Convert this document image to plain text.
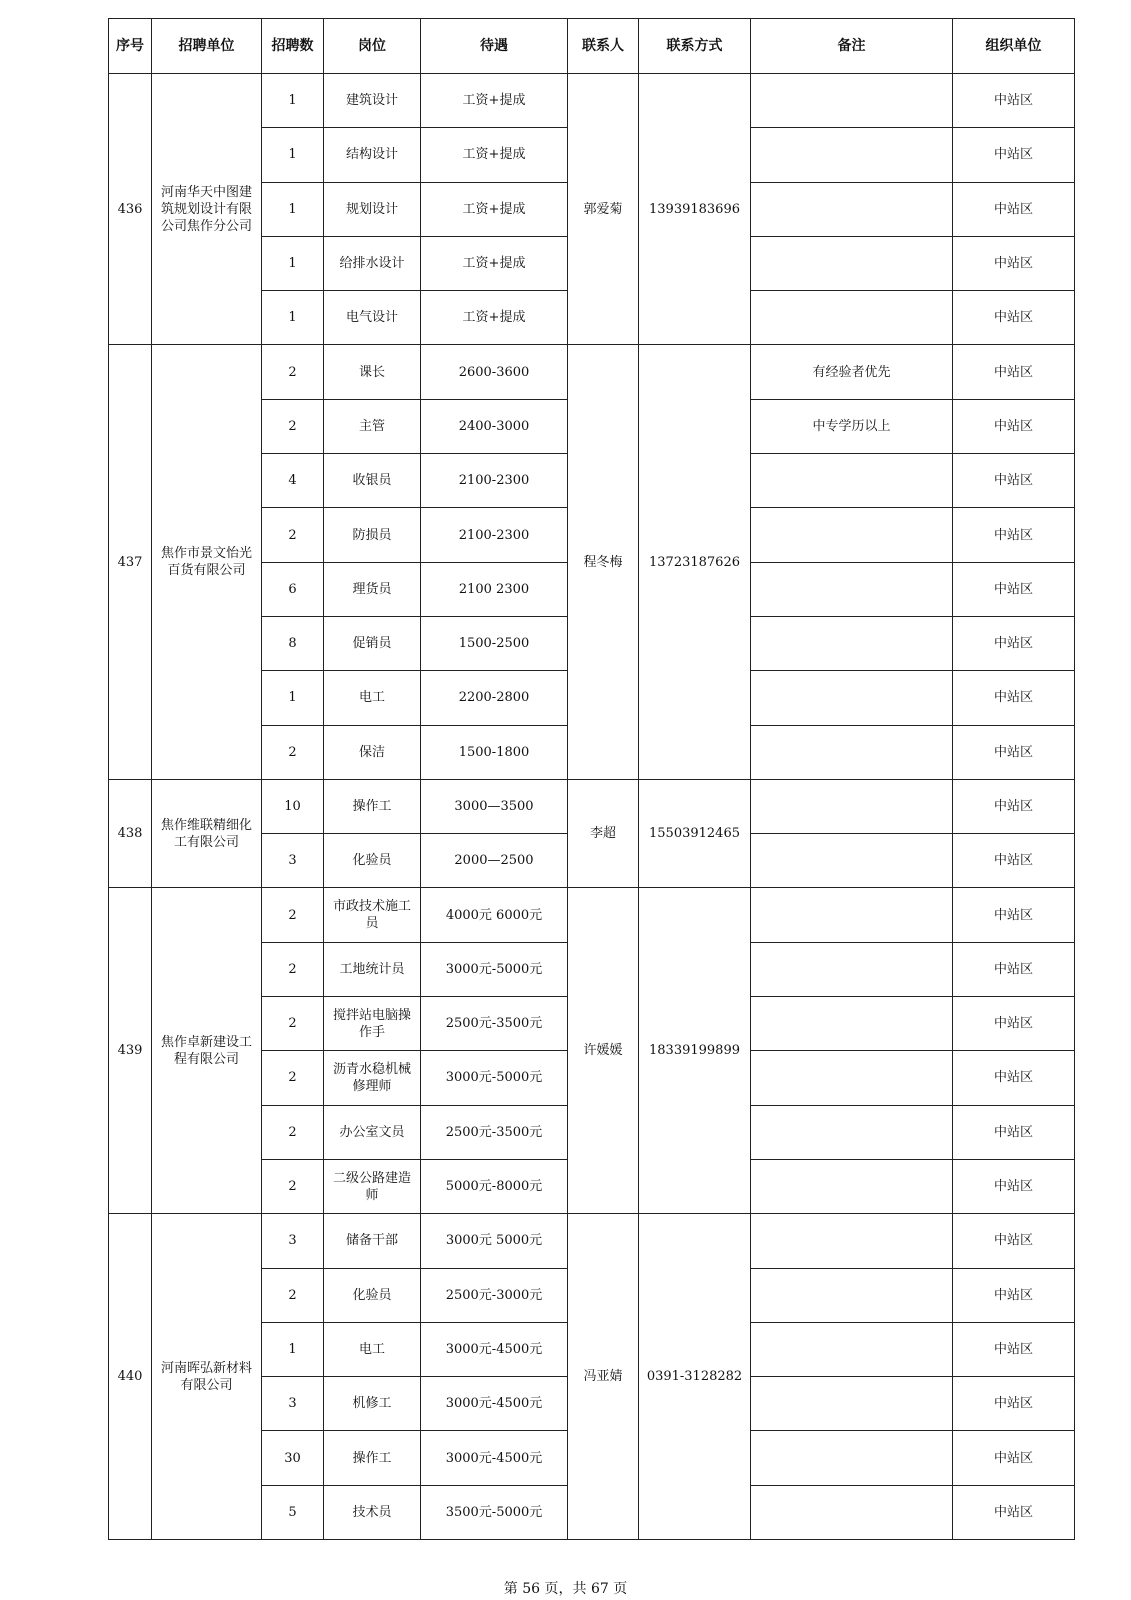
序号	招聘单位	招聘数	岗位	待遇	联系人	联系方式	备注	组织单位
436	河南华天中图建筑规划设计有限公司焦作分公司	1	建筑设计	工资+提成	郭爱菊	13939183696		中站区
		1	结构设计	工资+提成				中站区
		1	规划设计	工资+提成				中站区
		1	给排水设计	工资+提成				中站区
		1	电气设计	工资+提成				中站区
437	焦作市景文怡光百货有限公司	2	课长	2600-3600	程冬梅	13723187626	有经验者优先	中站区
		2	主管	2400-3000			中专学历以上	中站区
		4	收银员	2100-2300				中站区
		2	防损员	2100-2300				中站区
		6	理货员	2100 2300				中站区
		8	促销员	1500-2500				中站区
		1	电工	2200-2800				中站区
		2	保洁	1500-1800				中站区
438	焦作维联精细化工有限公司	10	操作工	3000—3500	李超	15503912465		中站区
		3	化验员	2000—2500				中站区
439	焦作卓新建设工程有限公司	2	市政技术施工员	4000元 6000元	许媛媛	18339199899		中站区
		2	工地统计员	3000元-5000元				中站区
		2	搅拌站电脑操作手	2500元-3500元				中站区
		2	沥青水稳机械修理师	3000元-5000元				中站区
		2	办公室文员	2500元-3500元				中站区
		2	二级公路建造师	5000元-8000元				中站区
440	河南晖弘新材料有限公司	3	储备干部	3000元 5000元	冯亚婧	0391-3128282		中站区
		2	化验员	2500元-3000元				中站区
		1	电工	3000元-4500元				中站区
		3	机修工	3000元-4500元				中站区
		30	操作工	3000元-4500元				中站区
		5	技术员	3500元-5000元				中站区
第 56 页，共 67 页
